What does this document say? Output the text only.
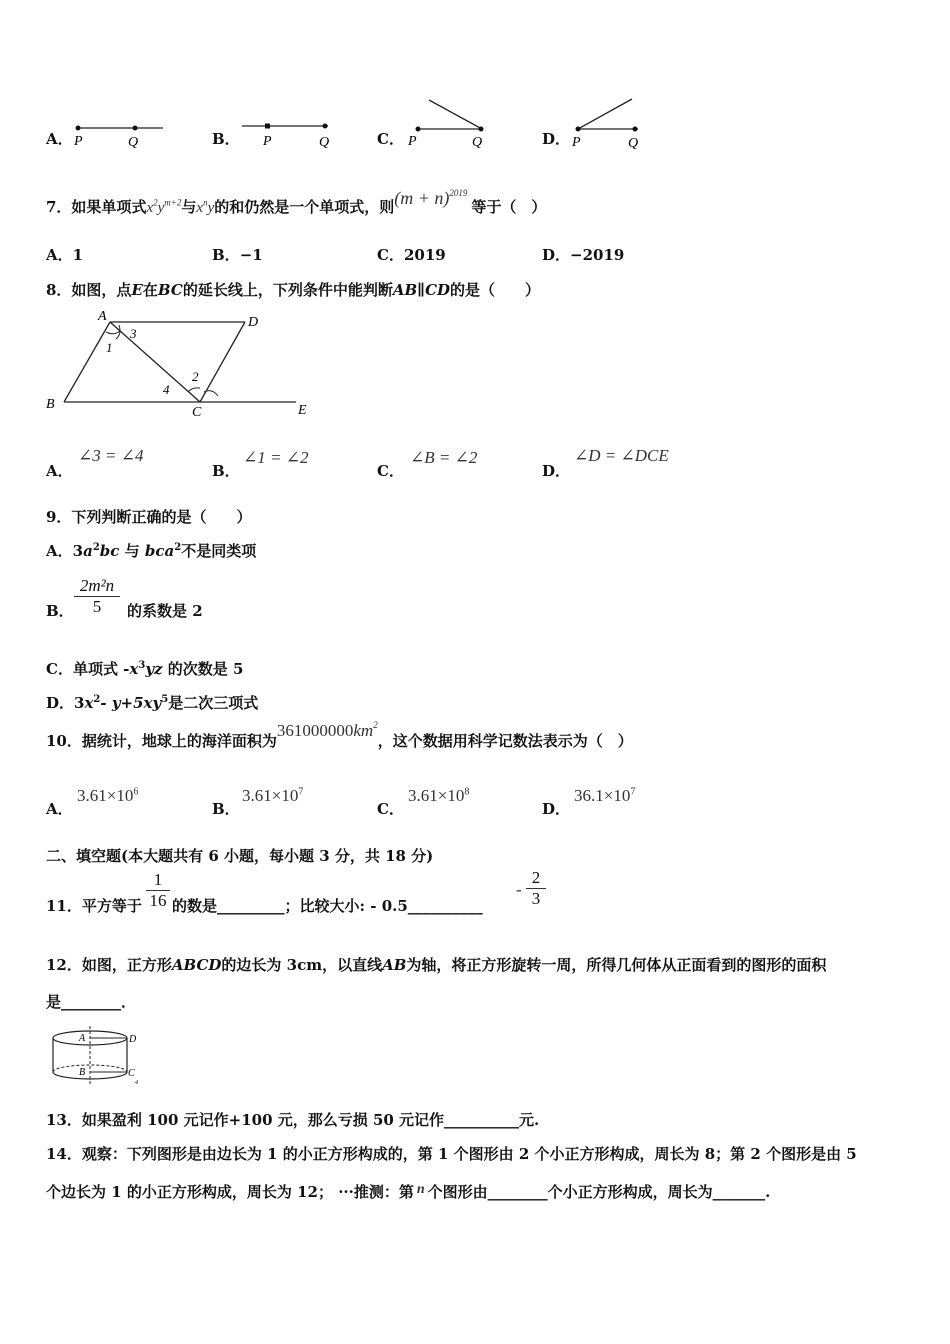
A． P	Q	B． P	Q	C． P	Q	D． P	Q
7．如果单项式$x^2y^{m+2}$与$x^ny$的和仍然是一个单项式，则$(m + n)^{2019}$等于（　）
A．1	B．−1	C．2019	D．−2019
8．如图，点E在BC的延长线上，下列条件中能判断AB∥CD的是（　　）
A	D
B
C	E
1
2
3
4
A．
∠3 = ∠4
B．
∠1 = ∠2
C．
∠B = ∠2
D．
∠D = ∠DCE
9．下列判断正确的是（　　）
A．$3a^2bc$ 与 bca$^2$不是同类项
B．
2m²n
5	的系数是 2
C．单项式 $-x^3yz$ 的次数是 5
D．$3x^2-$ $y+5xy^5$是二次三项式
10．据统计，地球上的海洋面积为$361000000km^2$，这个数据用科学记数法表示为（　）
A．
$3.61\times 10^6$
B．
$3.61\times 10^7$
C．
$3.61\times 10^8$
D．
$36.1\times 10^7$
二、填空题(本大题共有 6 小题，每小题 3 分，共 18 分)
11．平方等于
1
16 的数是_________；比较大小: - 0.5__________
-
2
3
12．如图，正方形ABCD的边长为 3cm，以直线AB为轴，将正方形旋转一周，所得几何体从正面看到的图形的面积
是________．
A	D
B	C
4
13．如果盈利 100 元记作+100 元，那么亏损 50 元记作__________元.
14．观察：下列图形是由边长为 1 的小正方形构成的，第 1 个图形由 2 个小正方形构成，周长为 8；第 2 个图形是由 5
个边长为 1 的小正方形构成，周长为 12； ···推测：第 n 个图形由________个小正方形构成，周长为_______.
